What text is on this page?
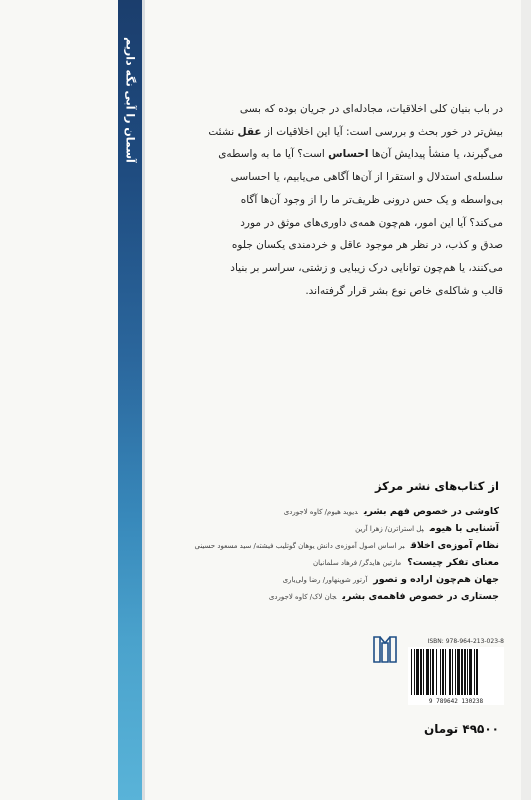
آسمان را آبی نگه داریم	در باب بنیان کلی اخلاقیات، مجادله‌ای در جریان بوده که بسی
بیش‌تر در خور بحث و بررسی است: آیا این اخلاقیات از عقل نشئت
می‌گیرند، یا منشأ پیدایش آن‌ها احساس است؟ آیا ما به واسطه‌ی
سلسله‌ی استدلال و استقرا از آن‌ها آگاهی می‌یابیم، یا احساسی
بی‌واسطه و یک حس درونی ظریف‌تر ما را از وجود آن‌ها آگاه
می‌کند؟ آیا این امور، هم‌چون همه‌ی داوری‌های موثق در مورد
صدق و کذب، در نظر هر موجود عاقل و خردمندی یکسان جلوه
می‌کنند، یا هم‌چون توانایی درک زیبایی و زشتی، سراسر بر بنیاد
قالب و شاکله‌ی خاص نوع بشر قرار گرفته‌اند.
از کتاب‌های نشر مرکز
کاوشی در خصوص فهم بشریدیوید هیوم/ کاوه لاجوردی
آشنایی با هیومپل استراترن/ زهرا آرین
نظام آموزه‌ی اخلاقبر اساس اصول آموزه‌ی دانش یوهان گوتلیب فیشته/ سید مسعود حسینی
معنای تفکر چیست؟مارتین هایدگر/ فرهاد سلمانیان
جهان هم‌چون اراده و تصورآرتور شوپنهاور/ رضا ولی‌یاری
جستاری در خصوص فاهمه‌ی بشریجان لاک/ کاوه لاجوردی
ISBN: 978-964-213-023-8
9 789642 130238
۴۹۵۰۰ تومان
